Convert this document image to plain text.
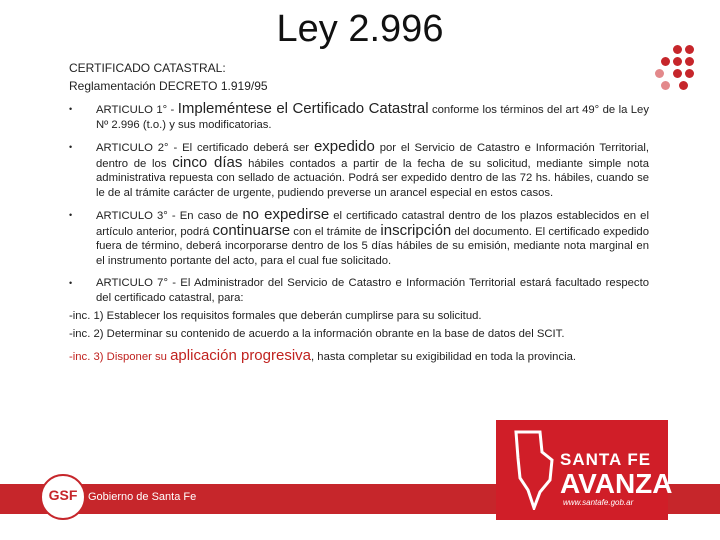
Ley 2.996
CERTIFICADO CATASTRAL:
Reglamentación DECRETO 1.919/95
• ARTICULO 1° - Impleméntese el Certificado Catastral conforme los términos del art 49° de la Ley Nº 2.996 (t.o.) y sus modificatorias.
• ARTICULO 2° - El certificado deberá ser expedido por el Servicio de Catastro e Información Territorial, dentro de los cinco días hábiles contados a partir de la fecha de su solicitud, mediante simple nota administrativa repuesta con sellado de actuación. Podrá ser expedido dentro de las 72 hs. hábiles, cuando se le de al trámite carácter de urgente, pudiendo preverse un arancel especial en estos casos.
• ARTICULO 3° - En caso de no expedirse el certificado catastral dentro de los plazos establecidos en el artículo anterior, podrá continuarse con el trámite de inscripción del documento. El certificado expedido fuera de término, deberá incorporarse dentro de los 5 días hábiles de su emisión, mediante nota marginal en el instrumento portante del acto, para el cual fue solicitado.
• ARTICULO 7° - El Administrador del Servicio de Catastro e Información Territorial estará facultado respecto del certificado catastral, para:
-inc. 1) Establecer los requisitos formales que deberán cumplirse para su solicitud.
-inc. 2) Determinar su contenido de acuerdo a la información obrante en la base de datos del SCIT.
-inc. 3) Disponer su aplicación progresiva, hasta completar su exigibilidad en toda la provincia.
GSF Gobierno de Santa Fe
SANTA FE
AVANZA
www.santafe.gob.ar
